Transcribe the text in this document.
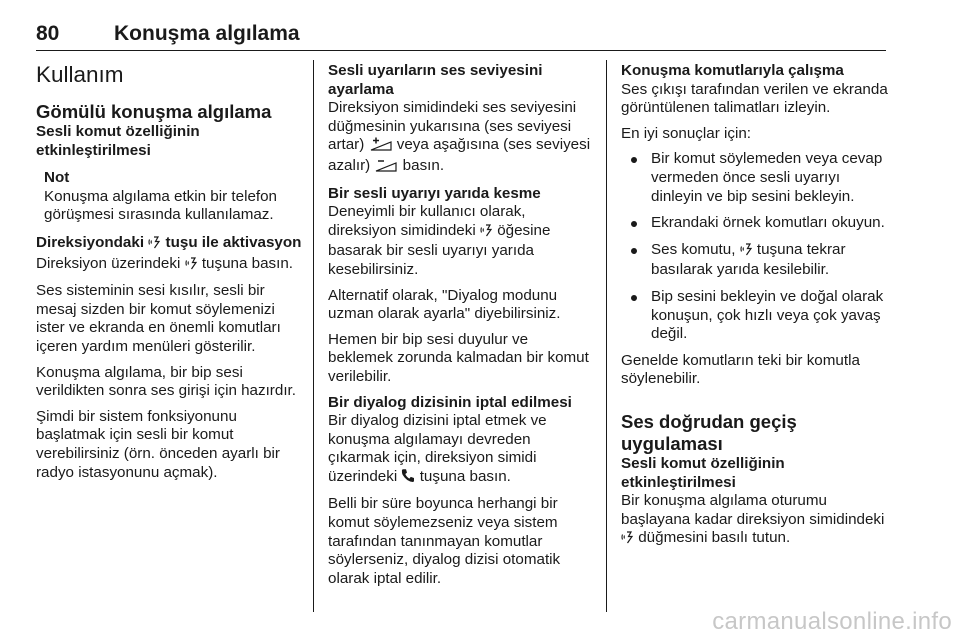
80	Konuşma algılama
Kullanım
Gömülü konuşma algılama
Sesli komut özelliğinin etkinleştirilmesi
Not
Konuşma algılama etkin bir telefon görüşmesi sırasında kullanılamaz.
Direksiyondaki tuşu ile aktivasyon

Direksiyon üzerindeki tuşuna basın.

Ses sisteminin sesi kısılır, sesli bir mesaj sizden bir komut söylemenizi ister ve ekranda en önemli komutları içeren yardım menüleri gösterilir.

Konuşma algılama, bir bip sesi verildikten sonra ses girişi için hazırdır.

Şimdi bir sistem fonksiyonunu başlatmak için sesli bir komut verebilirsiniz (örn. önceden ayarlı bir radyo istasyonunu açmak).

Sesli uyarıların ses seviyesini ayarlama

Direksiyon simidindeki ses seviyesini düğmesinin yukarısına (ses seviyesi artar) veya aşağısına (ses seviyesi azalır) basın.

Bir sesli uyarıyı yarıda kesme

Deneyimli bir kullanıcı olarak, direksiyon simidindeki öğesine basarak bir sesli uyarıyı yarıda kesebilirsiniz.

Alternatif olarak, "Diyalog modunu uzman olarak ayarla" diyebilirsiniz.

Hemen bir bip sesi duyulur ve beklemek zorunda kalmadan bir komut verilebilir.

Bir diyalog dizisinin iptal edilmesi

Bir diyalog dizisini iptal etmek ve konuşma algılamayı devreden çıkarmak için, direksiyon simidi üzerindeki tuşuna basın.

Belli bir süre boyunca herhangi bir komut söylemezseniz veya sistem tarafından tanınmayan komutlar söylerseniz, diyalog dizisi otomatik olarak iptal edilir.

Konuşma komutlarıyla çalışma

Ses çıkışı tarafından verilen ve ekranda görüntülenen talimatları izleyin.

En iyi sonuçlar için:

Bir komut söylemeden veya cevap vermeden önce sesli uyarıyı dinleyin ve bip sesini bekleyin.
Ekrandaki örnek komutları okuyun.
Ses komutu, tuşuna tekrar basılarak yarıda kesilebilir.
Bip sesini bekleyin ve doğal olarak konuşun, çok hızlı veya çok yavaş değil.

Genelde komutların teki bir komutla söylenebilir.

Ses doğrudan geçiş uygulaması
Sesli komut özelliğinin etkinleştirilmesi

Bir konuşma algılama oturumu başlayana kadar direksiyon simidindeki  düğmesini basılı tutun.

carmanualsonline.info
